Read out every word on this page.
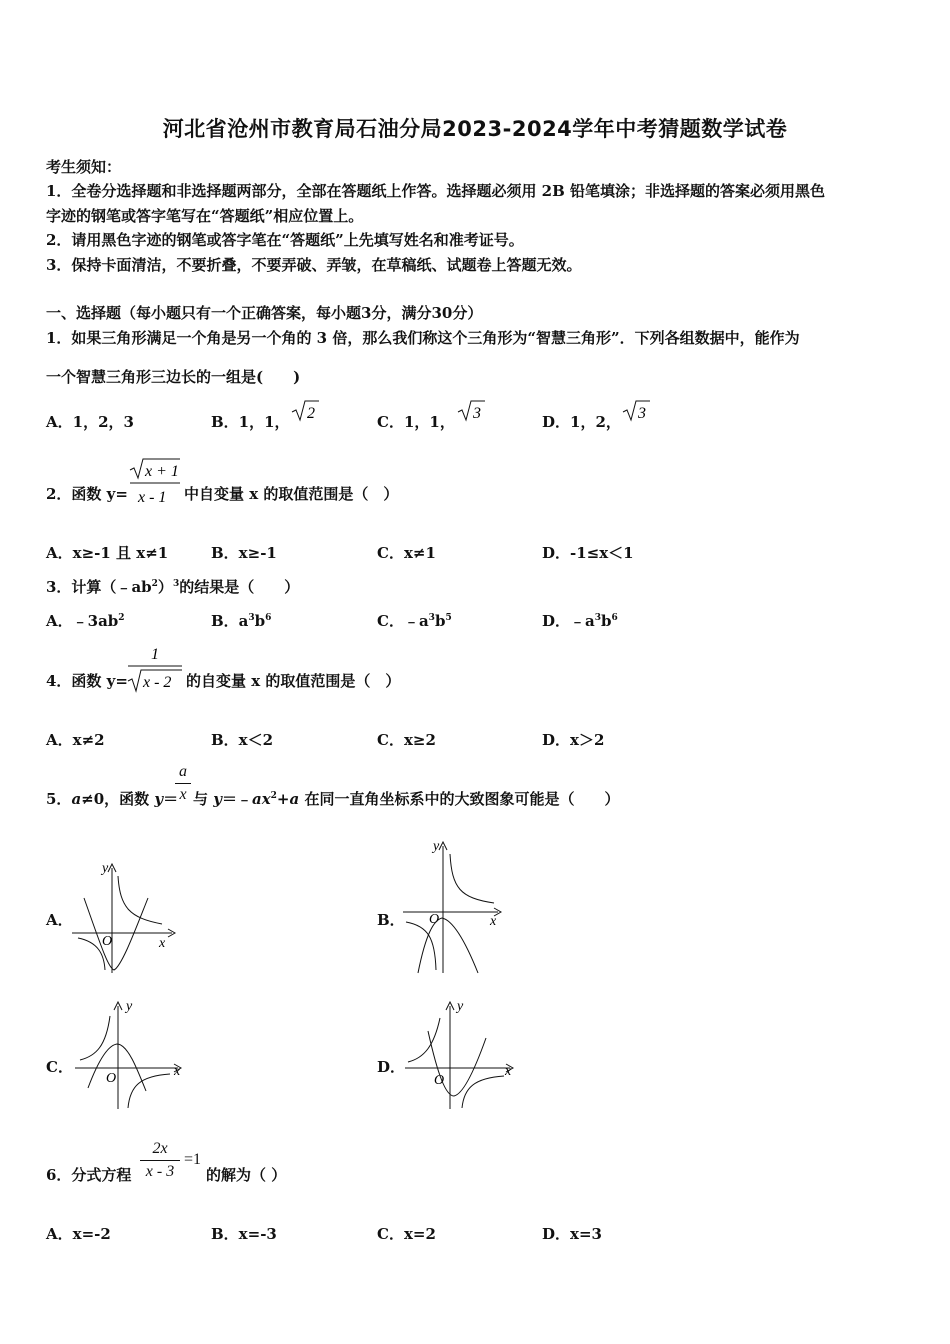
河北省沧州市教育局石油分局2023-2024学年中考猜题数学试卷
考生须知：
1．全卷分选择题和非选择题两部分，全部在答题纸上作答。选择题必须用 2B 铅笔填涂；非选择题的答案必须用黑色
字迹的钢笔或答字笔写在“答题纸”相应位置上。
2．请用黑色字迹的钢笔或答字笔在“答题纸”上先填写姓名和准考证号。
3．保持卡面清洁，不要折叠，不要弄破、弄皱，在草稿纸、试题卷上答题无效。
一、选择题（每小题只有一个正确答案，每小题3分，满分30分）
1．如果三角形满足一个角是另一个角的 3 倍，那么我们称这个三角形为“智慧三角形”．下列各组数据中，能作为
一个智慧三角形三边长的一组是(　　)
A．1，2，3	B．1，1， 2	C．1，1， 3	D．1，2， 3
2．函数 y=
x + 1
x - 1 中自变量 x 的取值范围是（　）
A．x≥-1 且 x≠1	B．x≥-1	C．x≠1	D．-1≤x＜1
3．计算$(﹣ab^2)^3$的结果是（　　）
A．$﹣3ab^2$	B．$a^3b^6$	C．$﹣a^3b^5$	D．$﹣a^3b^6$
4．函数 y=
1
x - 2 的自变量 x 的取值范围是（　）
A．x≠2	B．x＜2	C．x≥2	D．x＞2
5．a≠0，函数 y＝
a
x 与 $y=﹣ax^2+a$ 在同一直角坐标系中的大致图象可能是（　　）
A．
x
y
O
B．	x
y
O
C．	x
y
O
D．	x
y
O
6．分式方程
2x
x - 3
=1
的解为（ ）
A．x=-2	B．x=-3	C．x=2	D．x=3
